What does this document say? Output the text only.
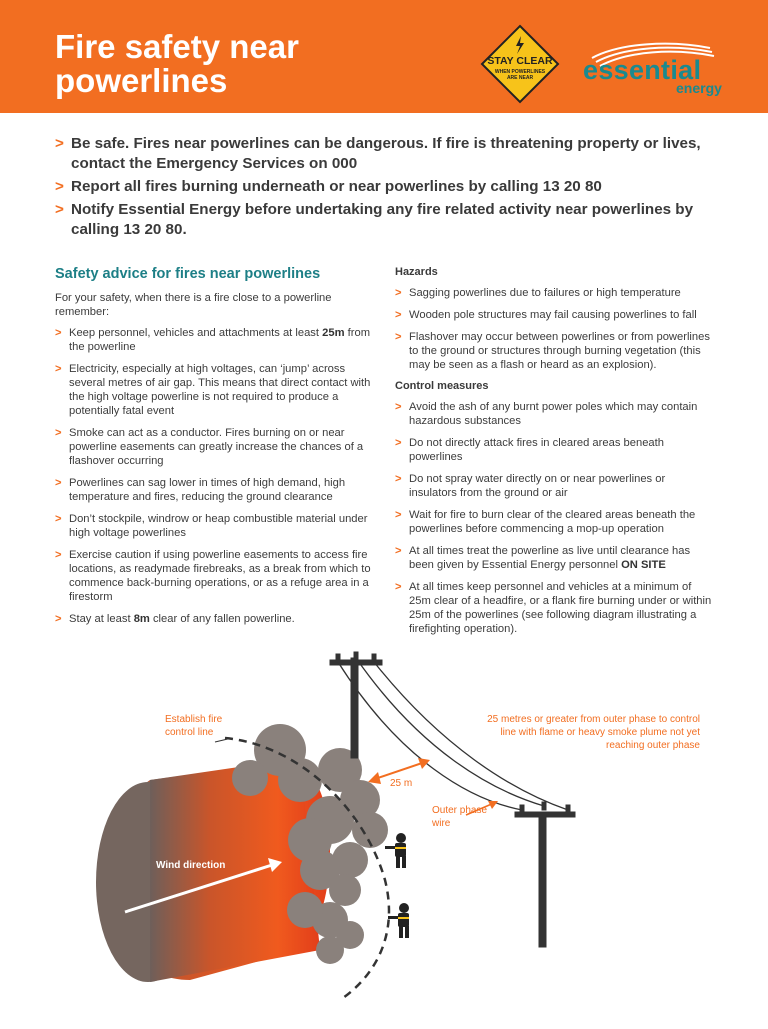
Fire safety near powerlines
STAY CLEAR
WHEN POWERLINES
ARE NEAR essential
energy
> Be safe. Fires near powerlines can be dangerous. If fire is threatening property or lives, contact the Emergency Services on 000
> Report all fires burning underneath or near powerlines by calling 13 20 80
> Notify Essential Energy before undertaking any fire related activity near powerlines by calling 13 20 80.
Safety advice for fires near powerlines

For your safety, when there is a fire close to a powerline remember:

> Keep personnel, vehicles and attachments at least 25m from the powerline
> Electricity, especially at high voltages, can ‘jump’ across several metres of air gap. This means that direct contact with the high voltage powerline is not required to produce a potentially fatal event
> Smoke can act as a conductor. Fires burning on or near powerline easements can greatly increase the chances of a flashover occurring
> Powerlines can sag lower in times of high demand, high temperature and fires, reducing the ground clearance
> Don’t stockpile, windrow or heap combustible material under high voltage powerlines
> Exercise caution if using powerline easements to access fire locations, as readymade firebreaks, as a break from which to commence back-burning operations, or as a refuge area in a firestorm
> Stay at least 8m clear of any fallen powerline.
Hazards
> Sagging powerlines due to failures or high temperature
> Wooden pole structures may fail causing powerlines to fall
> Flashover may occur between powerlines or from powerlines to the ground or structures through burning vegetation (this may be seen as a flash or heard as an explosion).
Control measures
> Avoid the ash of any burnt power poles which may contain hazardous substances
> Do not directly attack fires in cleared areas beneath powerlines
> Do not spray water directly on or near powerlines or insulators from the ground or air
> Wait for fire to burn clear of the cleared areas beneath the powerlines before commencing a mop-up operation
> At all times treat the powerline as live until clearance has been given by Essential Energy personnel ON SITE
> At all times keep personnel and vehicles at a minimum of 25m clear of a headfire, or a flank fire burning under or within 25m of the powerlines (see following diagram illustrating a firefighting operation).
Establish fire control line
25 m
Outer phase wire
25 metres or greater from outer phase to control line with flame or heavy smoke plume not yet reaching outer phase
Wind direction
